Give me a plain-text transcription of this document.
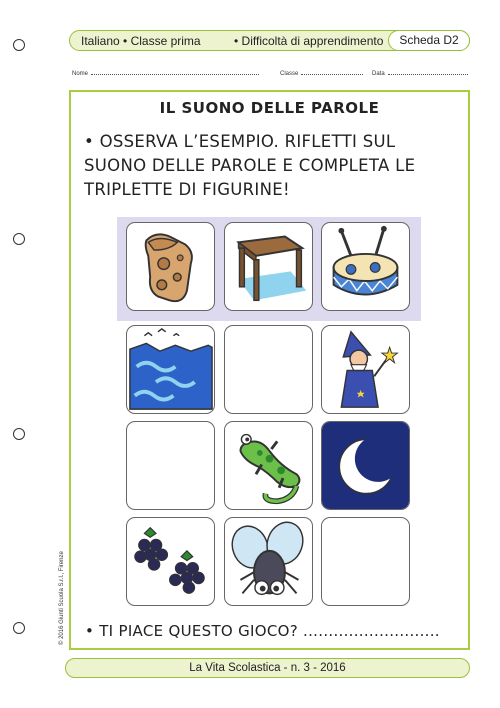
Italiano • Classe prima	• Difficoltà di apprendimento	Scheda D2
Nome	Classe	Data
IL SUONO DELLE PAROLE
• OSSERVA L’ESEMPIO. RIFLETTI SUL SUONO DELLE PAROLE E COMPLETA LE TRIPLETTE DI FIGURINE!
• TI PIACE QUESTO GIOCO? ...........................
© 2016 Giunti Scuola S.r.l., Firenze
La Vita Scolastica - n. 3 - 2016
